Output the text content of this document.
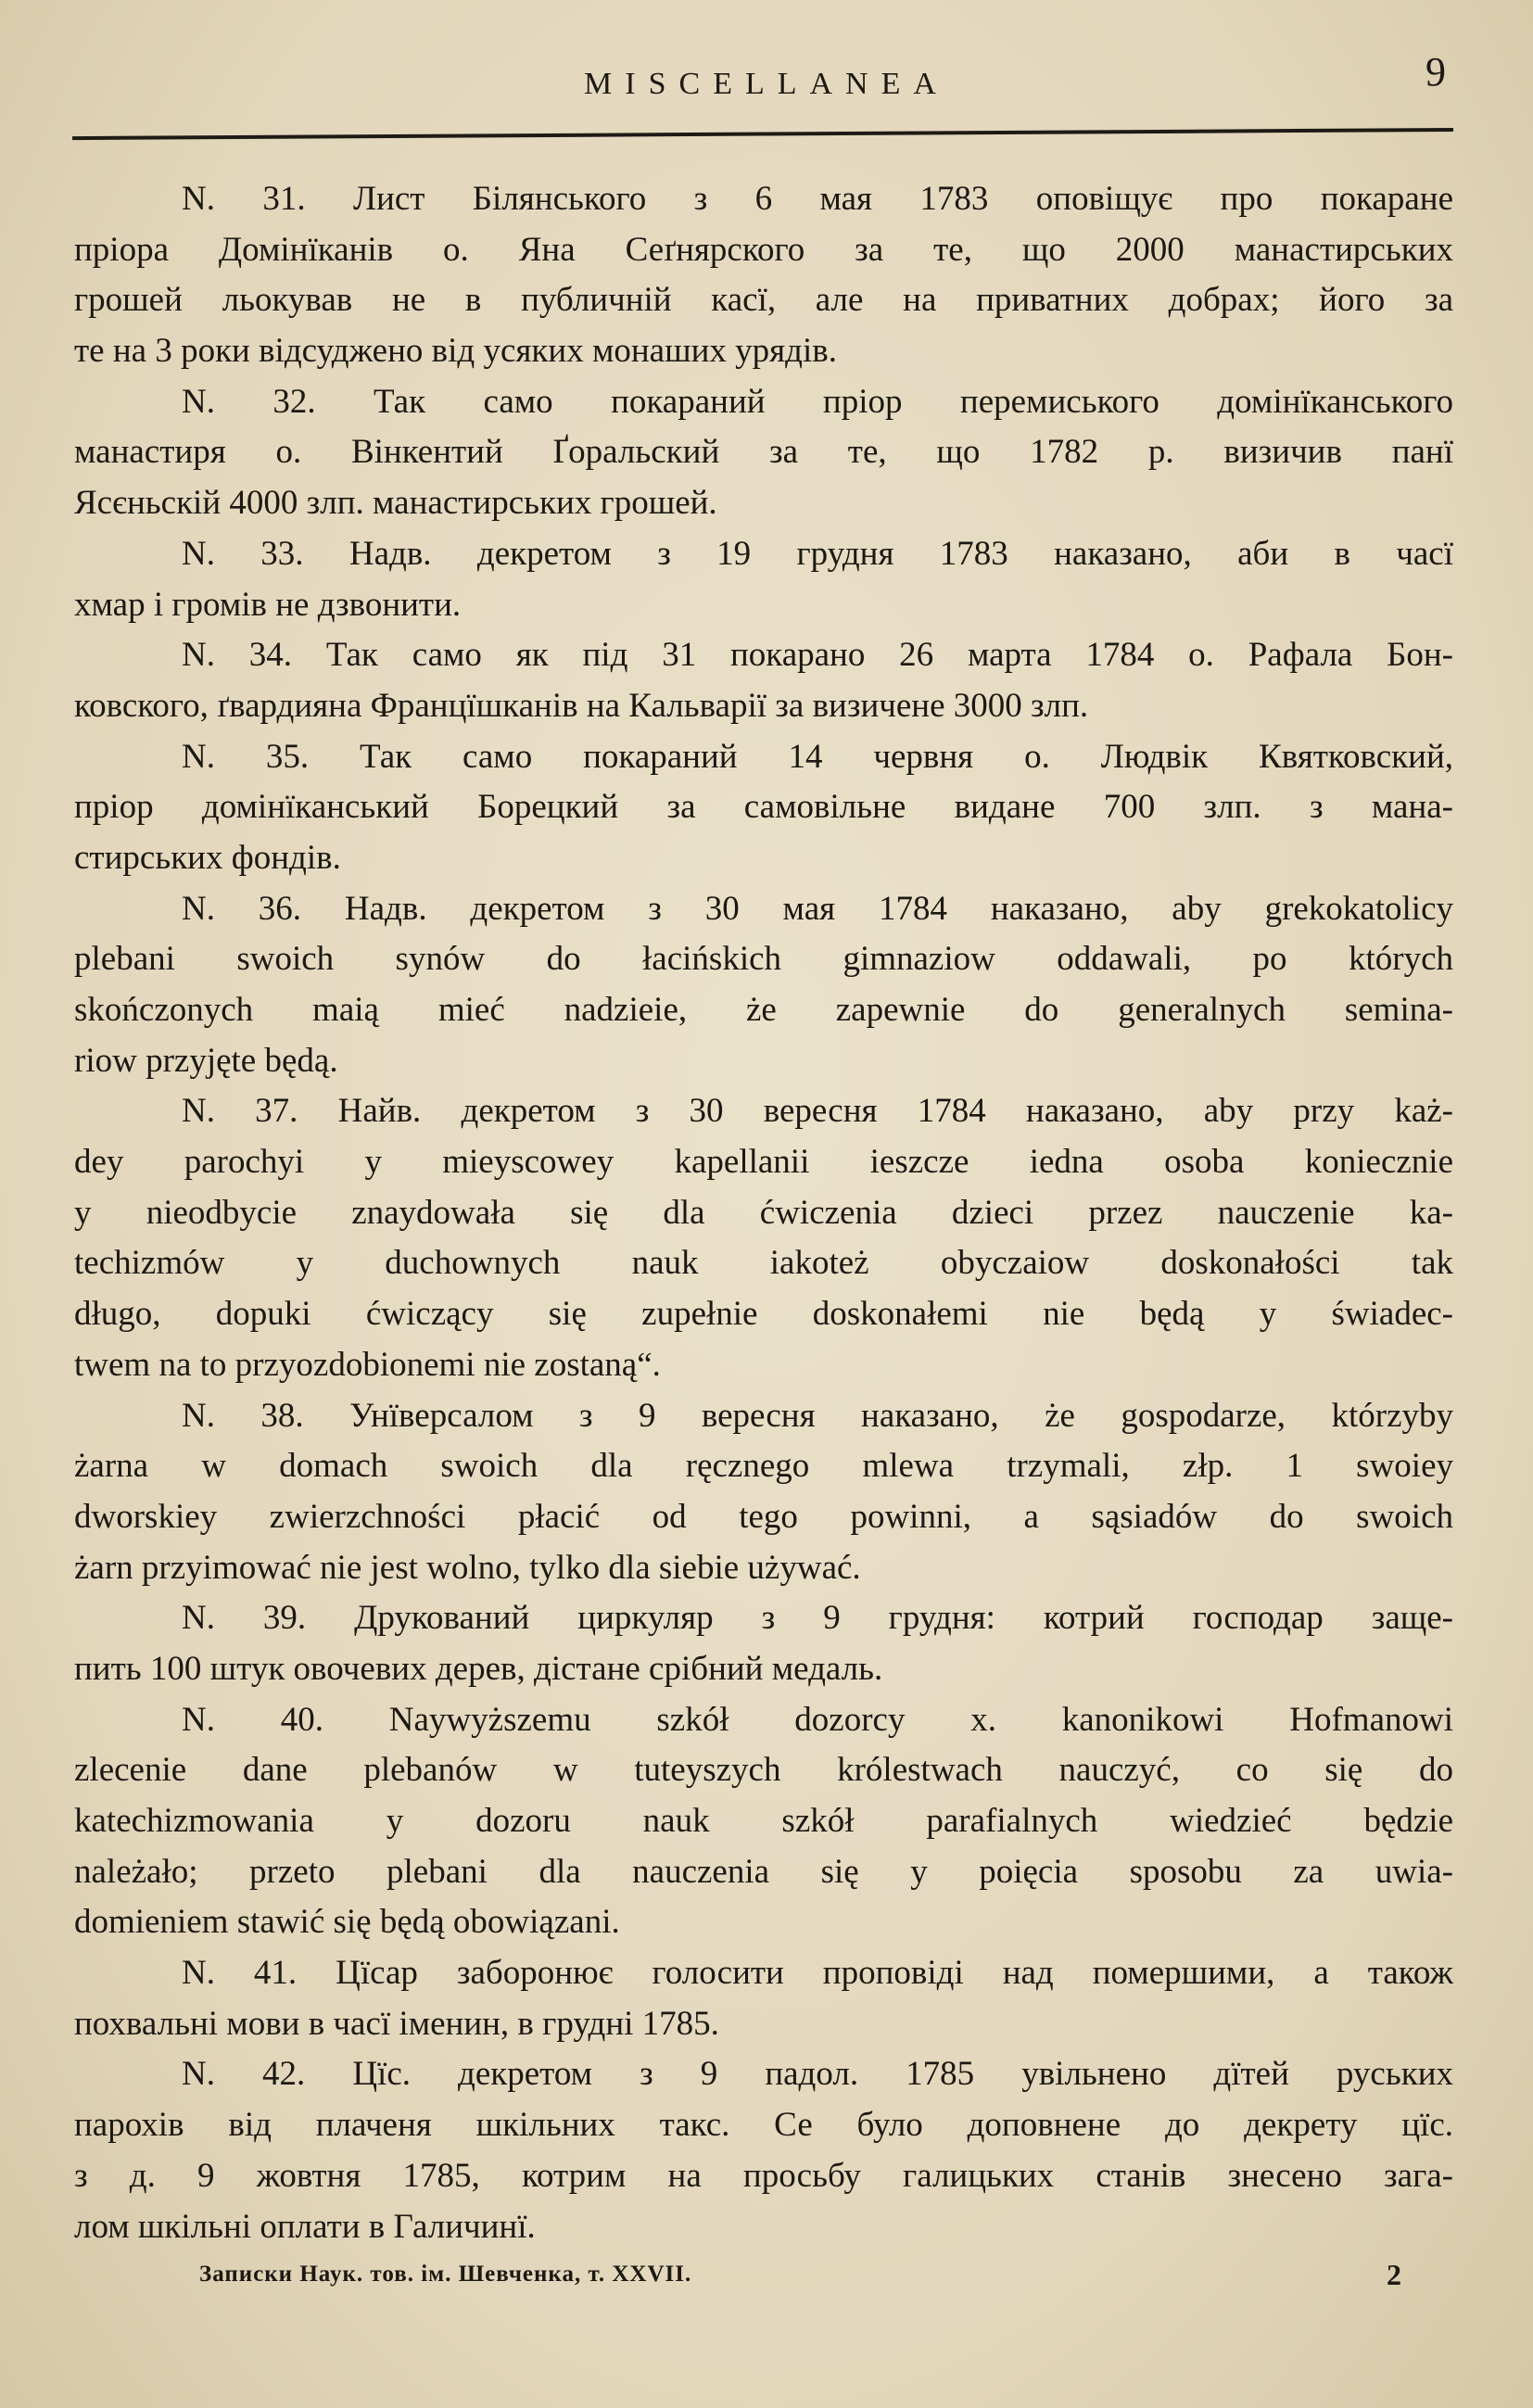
MISCELLANEA	9
N. 31. Лист Білянського з 6 мая 1783 оповіщує про покаране
пріора Домінїканів о. Яна Сеґнярского за те, що 2000 манастирських
грошей льокував не в публичній касї, але на приватних добрах; його за
те на 3 роки відсуджено від усяких монаших урядів.
N. 32. Так само покараний пріор перемиського домінїканського
манастиря о. Вінкентий Ґоральский за те, що 1782 р. визичив панї
Ясєньскій 4000 злп. манастирських грошей.
N. 33. Надв. декретом з 19 грудня 1783 наказано, аби в часї
хмар і громів не дзвонити.
N. 34. Так само як під 31 покарано 26 марта 1784 о. Рафала Бон-
ковского, ґвардияна Францїшканів на Кальварії за визичене 3000 злп.
N. 35. Так само покараний 14 червня о. Людвік Квятковский,
пріор домінїканський Борецкий за самовільне видане 700 злп. з мана-
стирських фондів.
N. 36. Надв. декретом з 30 мая 1784 наказано, aby grekokatolicy
plebani swoich synów do łacińskich gimnaziow oddawali, po których
skończonych maią mieć nadzieie, że zapewnie do generalnych semina-
riow przyjęte będą.
N. 37. Найв. декретом з 30 вересня 1784 наказано, aby przy każ-
dey parochyi y mieyscowey kapellanii ieszcze iedna osoba koniecznie
y nieodbycie znaydowała się dla ćwiczenia dzieci przez nauczenie ka-
techizmów y duchownych nauk iakoteż obyczaiow doskonałości tak
długo, dopuki ćwiczący się zupełnie doskonałemi nie będą y świadec-
twem na to przyozdobionemi nie zostaną“.
N. 38. Унїверсалом з 9 вересня наказано, że gospodarze, którzyby
żarna w domach swoich dla ręcznego mlewa trzymali, złp. 1 swoiey
dworskiey zwierzchności płacić od tego powinni, a sąsiadów do swoich
żarn przyimować nie jest wolno, tylko dla siebie używać.
N. 39. Друкований циркуляр з 9 грудня: котрий господар заще-
пить 100 штук овочевих дерев, дістане срібний медаль.
N. 40. Naywyższemu szkół dozorcy x. kanonikowi Hofmanowi
zlecenie dane plebanów w tuteyszych królestwach nauczyć, co się do
katechizmowania y dozoru nauk szkół parafialnych wiedzieć będzie
należało; przeto plebani dla nauczenia się y poięcia sposobu za uwia-
domieniem stawić się będą obowiązani.
N. 41. Цїсар заборонює голосити проповіді над помершими, а також
похвальні мови в часї іменин, в грудні 1785.
N. 42. Цїс. декретом з 9 падол. 1785 увільнено дїтей руських
парохів від плаченя шкільних такс. Се було доповнене до декрету цїс.
з д. 9 жовтня 1785, котрим на просьбу галицьких станів знесено зага-
лом шкільні оплати в Галичинї.
Записки Наук. тов. ім. Шевченка, т. XXVII.	2
